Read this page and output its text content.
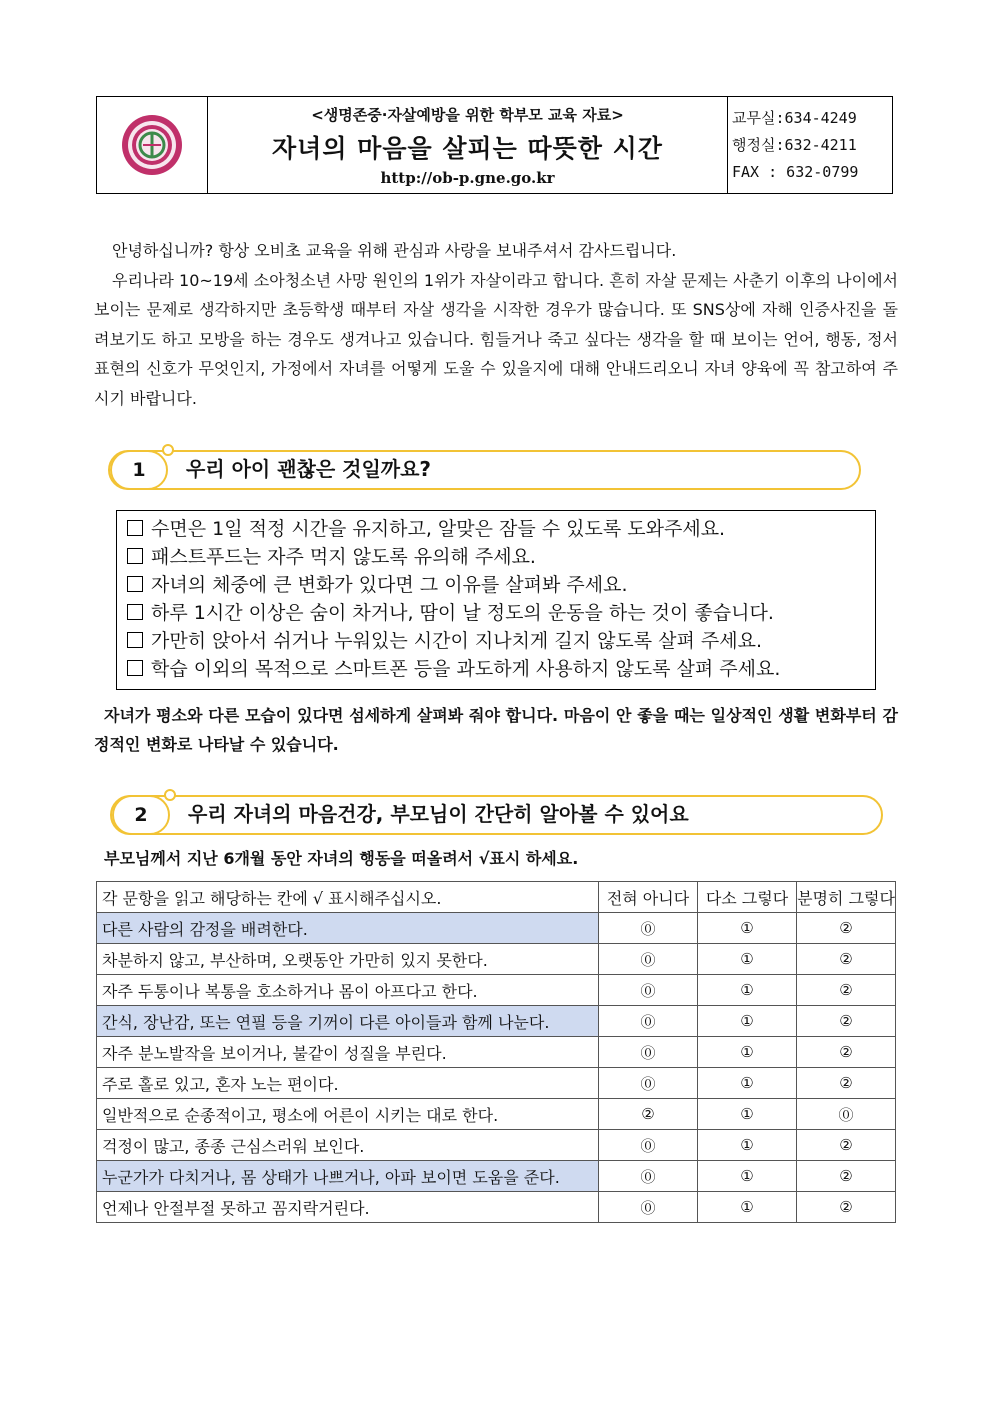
<생명존중·자살예방을 위한 학부모 교육 자료>
자녀의 마음을 살피는 따뜻한 시간
http://ob-p.gne.go.kr
교무실:634-4249
행정실:632-4211
FAX : 632-0799

안녕하십니까? 항상 오비초 교육을 위해 관심과 사랑을 보내주셔서 감사드립니다.

우리나라 10~19세 소아청소년 사망 원인의 1위가 자살이라고 합니다. 흔히 자살 문제는 사춘기 이후의 나이에서 보이는 문제로 생각하지만 초등학생 때부터 자살 생각을 시작한 경우가 많습니다. 또 SNS상에 자해 인증사진을 돌려보기도 하고 모방을 하는 경우도 생겨나고 있습니다. 힘들거나 죽고 싶다는 생각을 할 때 보이는 언어, 행동, 정서 표현의 신호가 무엇인지, 가정에서 자녀를 어떻게 도울 수 있을지에 대해 안내드리오니 자녀 양육에 꼭 참고하여 주시기 바랍니다.

1	우리 아이 괜찮은 것일까요?
수면은 1일 적정 시간을 유지하고, 알맞은 잠들 수 있도록 도와주세요.
패스트푸드는 자주 먹지 않도록 유의해 주세요.
자녀의 체중에 큰 변화가 있다면 그 이유를 살펴봐 주세요.
하루 1시간 이상은 숨이 차거나, 땀이 날 정도의 운동을 하는 것이 좋습니다.
가만히 앉아서 쉬거나 누워있는 시간이 지나치게 길지 않도록 살펴 주세요.
학습 이외의 목적으로 스마트폰 등을 과도하게 사용하지 않도록 살펴 주세요.

자녀가 평소와 다른 모습이 있다면 섬세하게 살펴봐 줘야 합니다. 마음이 안 좋을 때는 일상적인 생활 변화부터 감정적인 변화로 나타날 수 있습니다.

2	우리 자녀의 마음건강, 부모님이 간단히 알아볼 수 있어요
부모님께서 지난 6개월 동안 자녀의 행동을 떠올려서 √표시 하세요.
각 문항을 읽고 해당하는 칸에 √ 표시해주십시오.	전혀 아니다	다소 그렇다	분명히 그렇다
다른 사람의 감정을 배려한다.	⓪	①	②
차분하지 않고, 부산하며, 오랫동안 가만히 있지 못한다.	⓪	①	②
자주 두통이나 복통을 호소하거나 몸이 아프다고 한다.	⓪	①	②
간식, 장난감, 또는 연필 등을 기꺼이 다른 아이들과 함께 나눈다.	⓪	①	②
자주 분노발작을 보이거나, 불같이 성질을 부린다.	⓪	①	②
주로 홀로 있고, 혼자 노는 편이다.	⓪	①	②
일반적으로 순종적이고, 평소에 어른이 시키는 대로 한다.	②	①	⓪
걱정이 많고, 종종 근심스러워 보인다.	⓪	①	②
누군가가 다치거나, 몸 상태가 나쁘거나, 아파 보이면 도움을 준다.	⓪	①	②
언제나 안절부절 못하고 꼼지락거린다.	⓪	①	②
